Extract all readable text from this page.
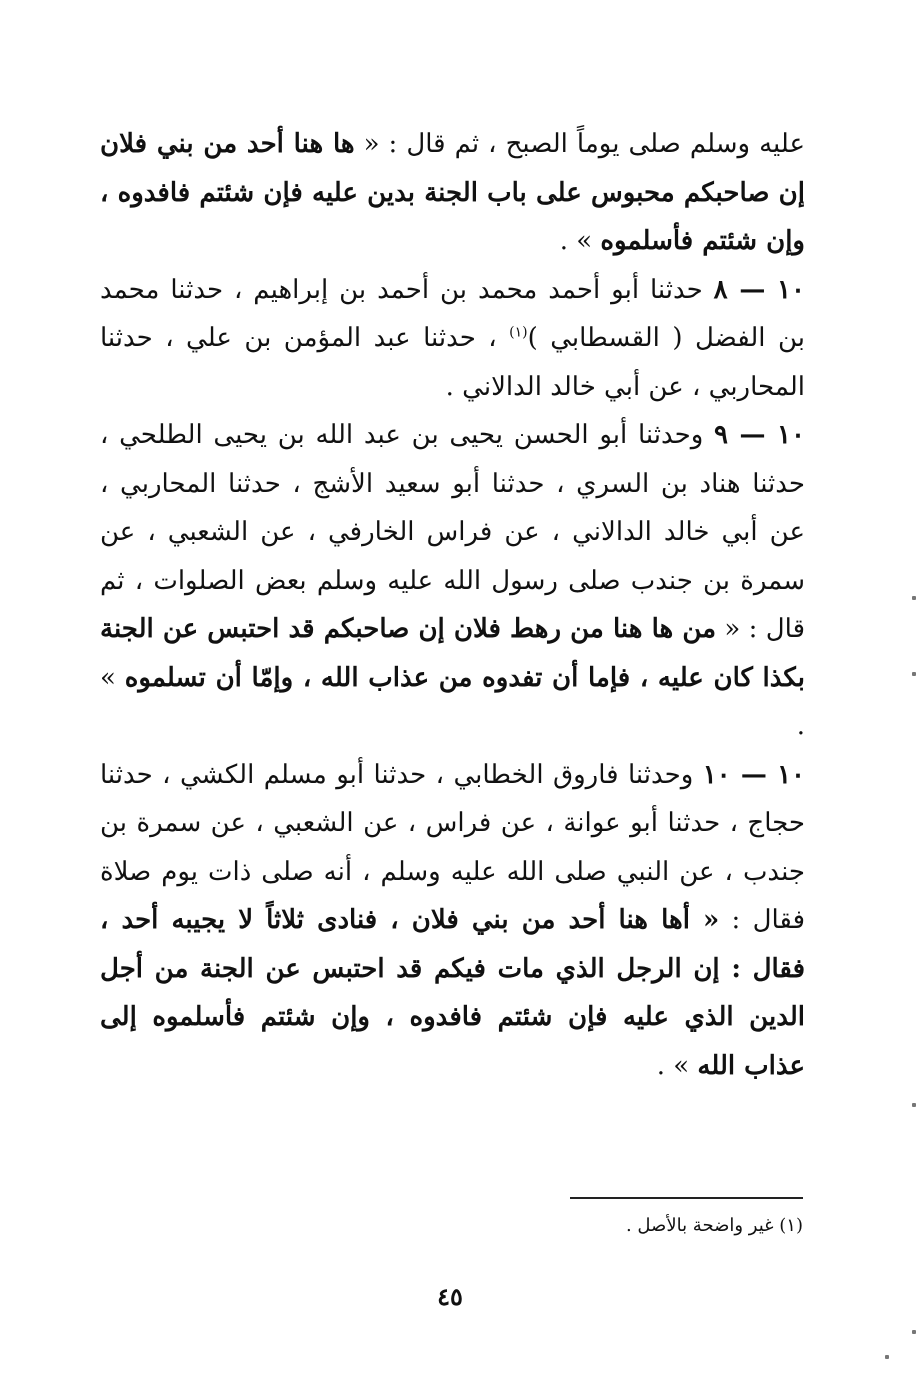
عليه وسلم صلى يوماً الصبح ، ثم قال : « ها هنا أحد من بني فلان إن صاحبكم محبوس على باب الجنة بدين عليه فإن شئتم فافدوه ، وإن شئتم فأسلموه » .

١٠ — ٨ حدثنا أبو أحمد محمد بن أحمد بن إبراهيم ، حدثنا محمد بن الفضل ( القسطابي )$^{(١)}$ ، حدثنا عبد المؤمن بن علي ، حدثنا المحاربي ، عن أبي خالد الدالاني .

١٠ — ٩ وحدثنا أبو الحسن يحيى بن عبد الله بن يحيى الطلحي ، حدثنا هناد بن السري ، حدثنا أبو سعيد الأشج ، حدثنا المحاربي ، عن أبي خالد الدالاني ، عن فراس الخارفي ، عن الشعبي ، عن سمرة بن جندب صلى رسول الله عليه وسلم بعض الصلوات ، ثم قال : « من ها هنا من رهط فلان إن صاحبكم قد احتبس عن الجنة بكذا كان عليه ، فإما أن تفدوه من عذاب الله ، وإمّا أن تسلموه » .

١٠ — ١٠ وحدثنا فاروق الخطابي ، حدثنا أبو مسلم الكشي ، حدثنا حجاج ، حدثنا أبو عوانة ، عن فراس ، عن الشعبي ، عن سمرة بن جندب ، عن النبي صلى الله عليه وسلم ، أنه صلى ذات يوم صلاة فقال : « أها هنا أحد من بني فلان ، فنادى ثلاثاً لا يجيبه أحد ، فقال : إن الرجل الذي مات فيكم قد احتبس عن الجنة من أجل الدين الذي عليه فإن شئتم فافدوه ، وإن شئتم فأسلموه إلى عذاب الله » .

(١) غير واضحة بالأصل .
٤٥
